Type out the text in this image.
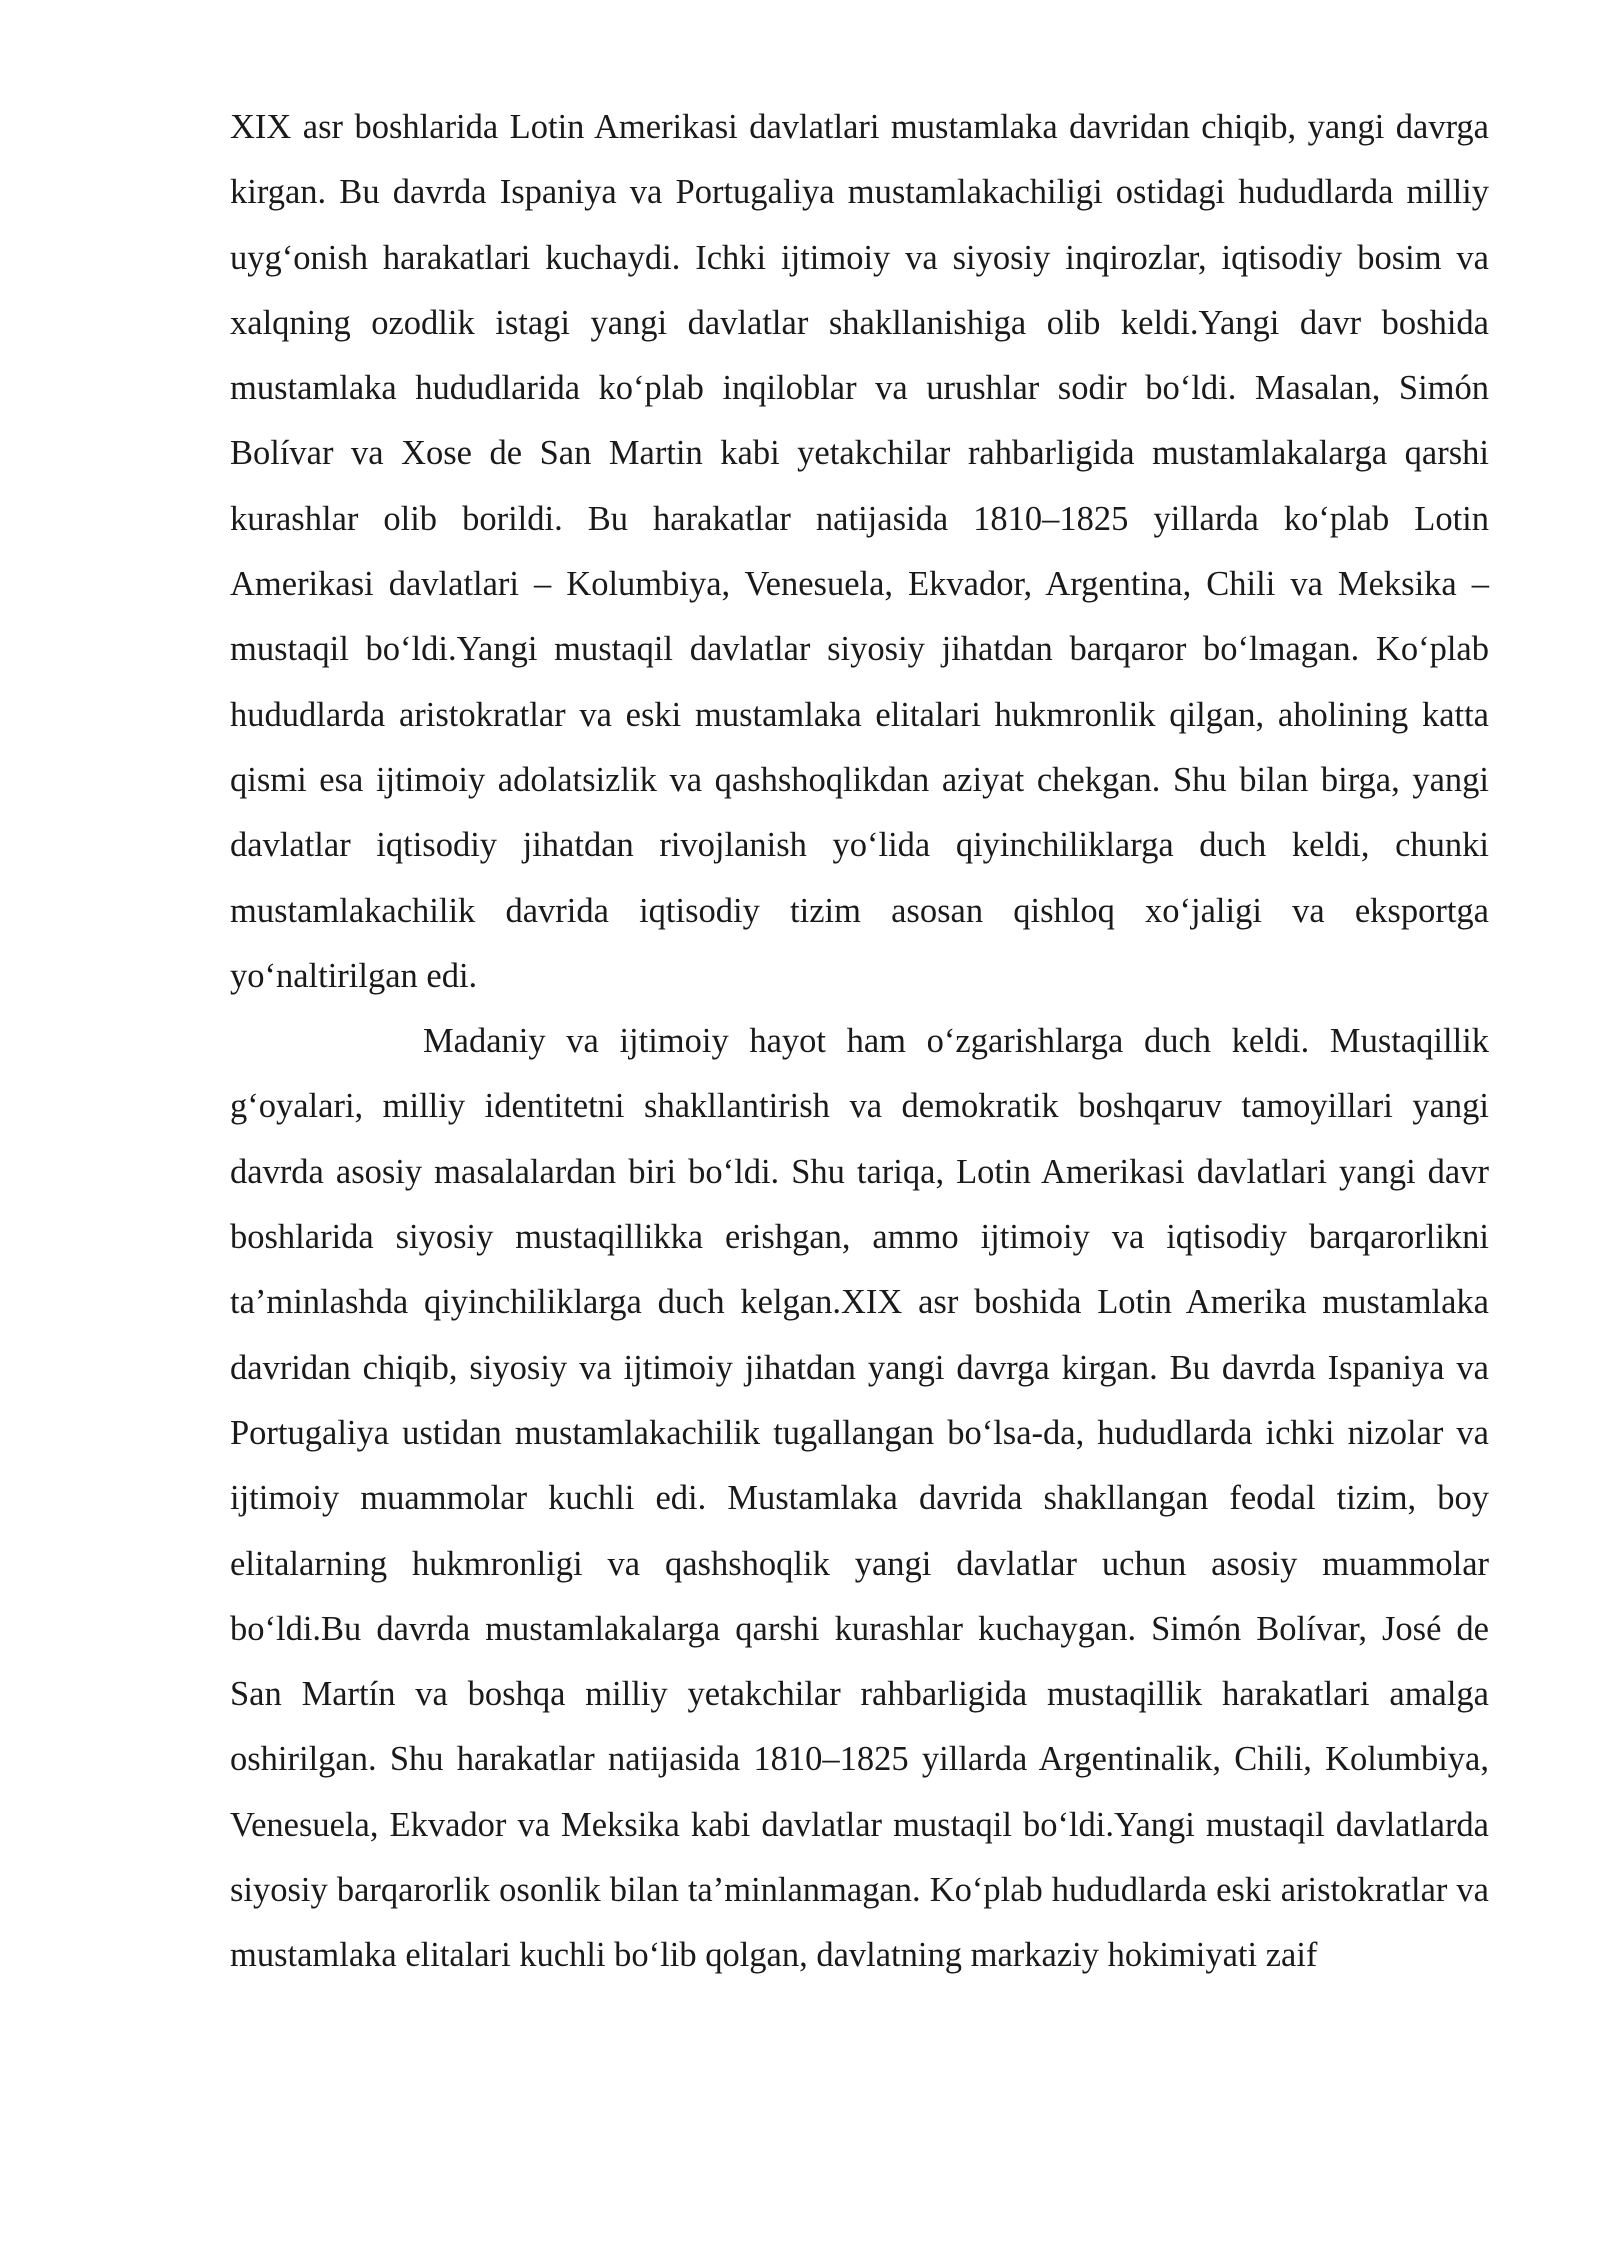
XIX asr boshlarida Lotin Amerikasi davlatlari mustamlaka davridan chiqib, yangi davrga kirgan. Bu davrda Ispaniya va Portugaliya mustamlakachiligi ostidagi hududlarda milliy uygʻonish harakatlari kuchaydi. Ichki ijtimoiy va siyosiy inqirozlar, iqtisodiy bosim va xalqning ozodlik istagi yangi davlatlar shakllanishiga olib keldi.Yangi davr boshida mustamlaka hududlarida koʻplab inqiloblar va urushlar sodir boʻldi. Masalan, Simón Bolívar va Xose de San Martin kabi yetakchilar rahbarligida mustamlakalarga qarshi kurashlar olib borildi. Bu harakatlar natijasida 1810–1825 yillarda koʻplab Lotin Amerikasi davlatlari – Kolumbiya, Venesuela, Ekvador, Argentina, Chili va Meksika – mustaqil boʻldi.Yangi mustaqil davlatlar siyosiy jihatdan barqaror boʻlmagan. Koʻplab hududlarda aristokratlar va eski mustamlaka elitalari hukmronlik qilgan, aholining katta qismi esa ijtimoiy adolatsizlik va qashshoqlikdan aziyat chekgan. Shu bilan birga, yangi davlatlar iqtisodiy jihatdan rivojlanish yoʻlida qiyinchiliklarga duch keldi, chunki mustamlakachilik davrida iqtisodiy tizim asosan qishloq xoʻjaligi va eksportga yoʻnaltirilgan edi.

Madaniy va ijtimoiy hayot ham oʻzgarishlarga duch keldi. Mustaqillik gʻoyalari, milliy identitetni shakllantirish va demokratik boshqaruv tamoyillari yangi davrda asosiy masalalardan biri boʻldi. Shu tariqa, Lotin Amerikasi davlatlari yangi davr boshlarida siyosiy mustaqillikka erishgan, ammo ijtimoiy va iqtisodiy barqarorlikni ta’minlashda qiyinchiliklarga duch kelgan.XIX asr boshida Lotin Amerika mustamlaka davridan chiqib, siyosiy va ijtimoiy jihatdan yangi davrga kirgan. Bu davrda Ispaniya va Portugaliya ustidan mustamlakachilik tugallangan boʻlsa-da, hududlarda ichki nizolar va ijtimoiy muammolar kuchli edi. Mustamlaka davrida shakllangan feodal tizim, boy elitalarning hukmronligi va qashshoqlik yangi davlatlar uchun asosiy muammolar boʻldi.Bu davrda mustamlakalarga qarshi kurashlar kuchaygan. Simón Bolívar, José de San Martín va boshqa milliy yetakchilar rahbarligida mustaqillik harakatlari amalga oshirilgan. Shu harakatlar natijasida 1810–1825 yillarda Argentinalik, Chili, Kolumbiya, Venesuela, Ekvador va Meksika kabi davlatlar mustaqil boʻldi.Yangi mustaqil davlatlarda siyosiy barqarorlik osonlik bilan ta’minlanmagan. Koʻplab hududlarda eski aristokratlar va mustamlaka elitalari kuchli boʻlib qolgan, davlatning markaziy hokimiyati zaif
